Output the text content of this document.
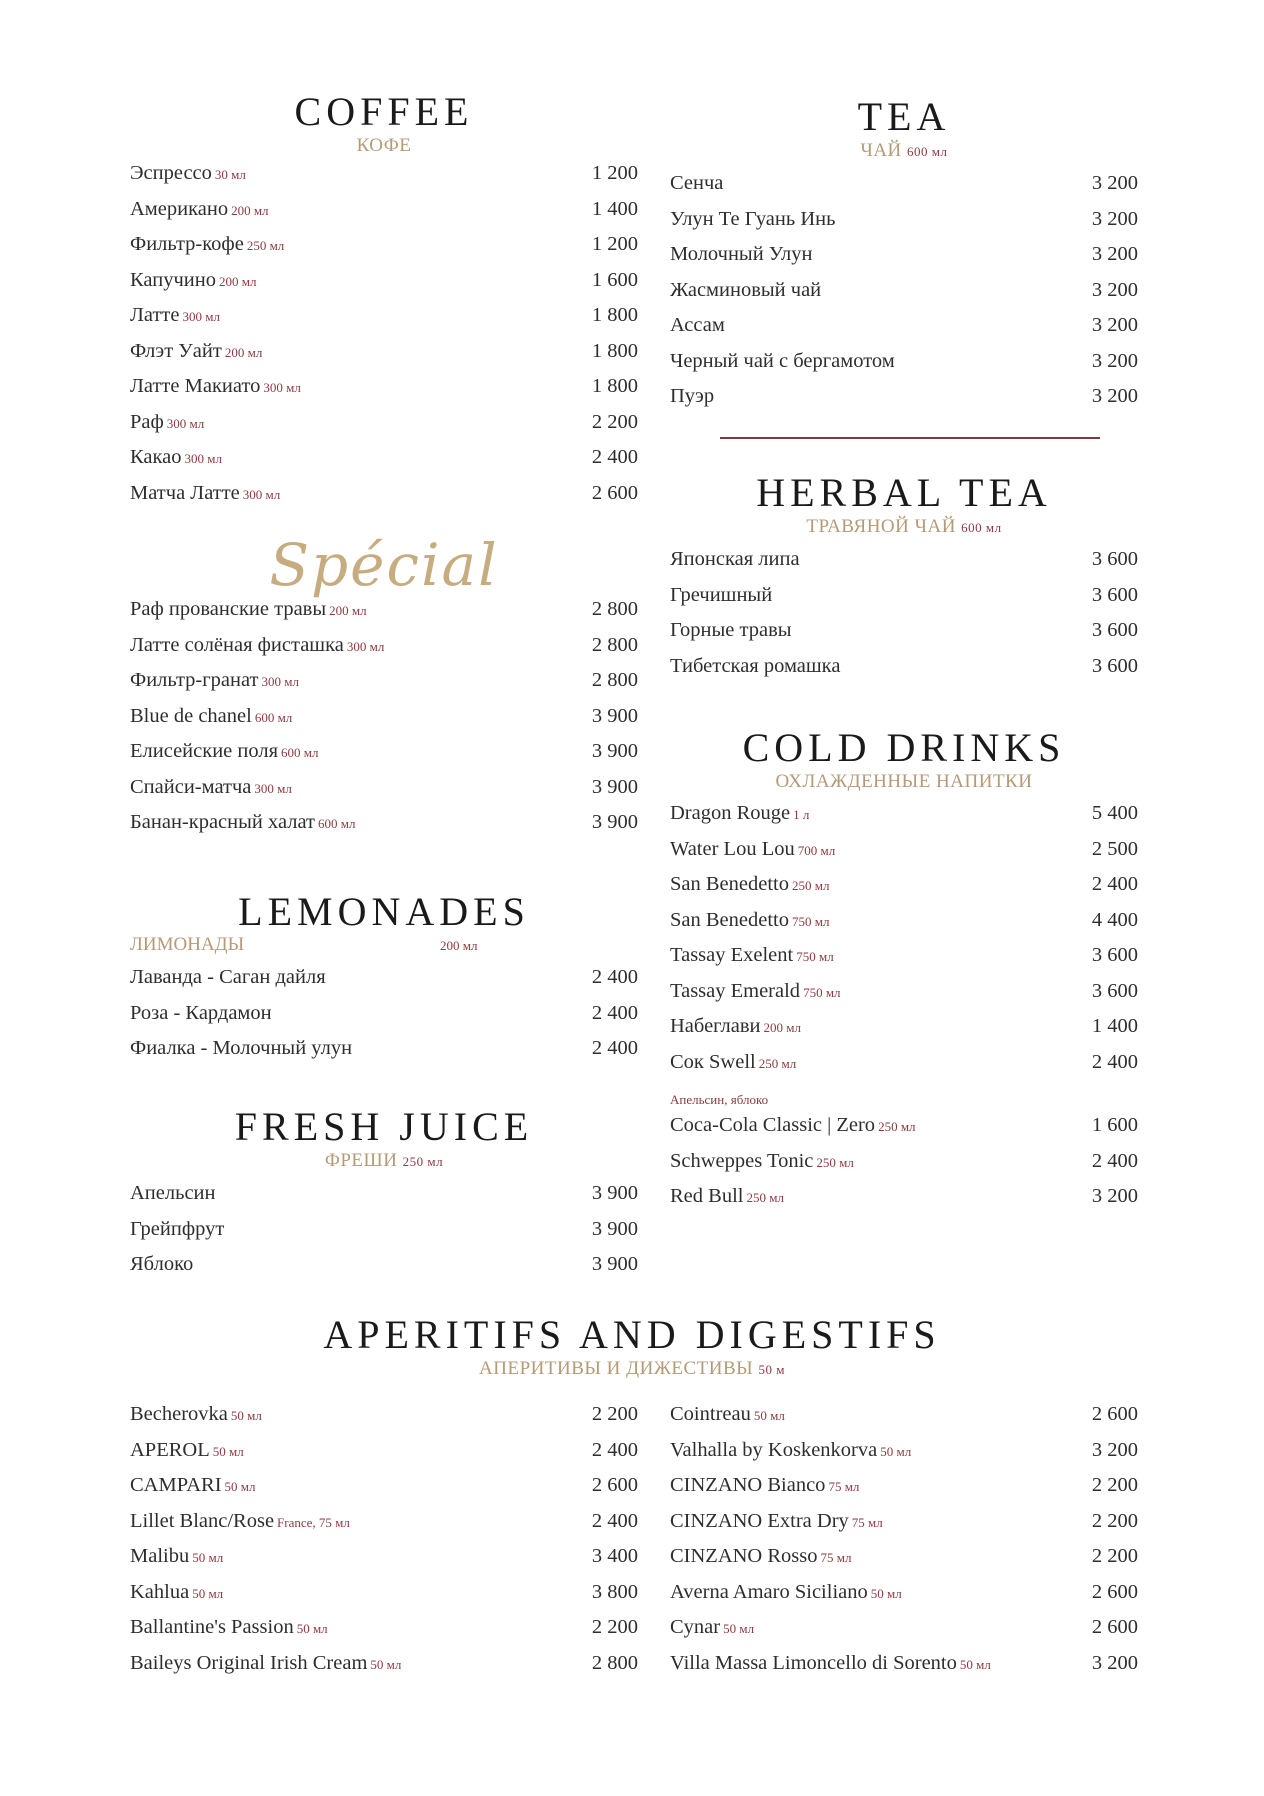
COFFEE
КОФЕ
Эспрессо 30 мл	1 200
Американо 200 мл	1 400
Фильтр-кофе 250 мл	1 200
Капучино 200 мл	1 600
Латте 300 мл	1 800
Флэт Уайт 200 мл	1 800
Латте Макиато 300 мл	1 800
Раф 300 мл	2 200
Какао 300 мл	2 400
Матча Латте 300 мл	2 600
Spécial
Раф прованские травы 200 мл	2 800
Латте солёная фисташка 300 мл	2 800
Фильтр-гранат 300 мл	2 800
Blue de chanel 600 мл	3 900
Елисейские поля 600 мл	3 900
Спайси-матча 300 мл	3 900
Банан-красный халат 600 мл	3 900
LEMONADES
ЛИМОНАДЫ	200 мл
Лаванда - Саган дайля	2 400
Роза - Кардамон	2 400
Фиалка - Молочный улун	2 400
FRESH JUICE
ФРЕШИ 250 мл
Апельсин	3 900
Грейпфрут	3 900
Яблоко	3 900
Becherovka 50 мл	2 200
APEROL 50 мл	2 400
CAMPARI 50 мл	2 600
Lillet Blanc/Rose France, 75 мл	2 400
Malibu 50 мл	3 400
Kahlua 50 мл	3 800
Ballantine's Passion 50 мл	2 200
Baileys Original Irish Cream 50 мл	2 800
TEA
ЧАЙ 600 мл
Сенча	3 200
Улун Те Гуань Инь	3 200
Молочный Улун	3 200
Жасминовый чай	3 200
Ассам	3 200
Черный чай с бергамотом	3 200
Пуэр	3 200
HERBAL TEA
ТРАВЯНОЙ ЧАЙ 600 мл
Японская липа	3 600
Гречишный	3 600
Горные травы	3 600
Тибетская ромашка	3 600
COLD DRINKS
ОХЛАЖДЕННЫЕ НАПИТКИ
Dragon Rouge 1 л	5 400
Water Lou Lou 700 мл	2 500
San Benedetto 250 мл	2 400
San Benedetto 750 мл	4 400
Tassay Exelent 750 мл	3 600
Tassay Emerald 750 мл	3 600
Набеглави 200 мл	1 400
Сок Swell 250 мл	2 400
Апельсин, яблоко
Coca-Cola Classic | Zero 250 мл	1 600
Schweppes Tonic 250 мл	2 400
Red Bull 250 мл	3 200
Cointreau 50 мл	2 600
Valhalla by Koskenkorva 50 мл	3 200
CINZANO Bianco 75 мл	2 200
CINZANO Extra Dry 75 мл	2 200
CINZANO Rosso 75 мл	2 200
Averna Amaro Siciliano 50 мл	2 600
Cynar 50 мл	2 600
Villa Massa Limoncello di Sorento 50 мл	3 200
APERITIFS AND DIGESTIFS
АПЕРИТИВЫ И ДИЖЕСТИВЫ 50 м
